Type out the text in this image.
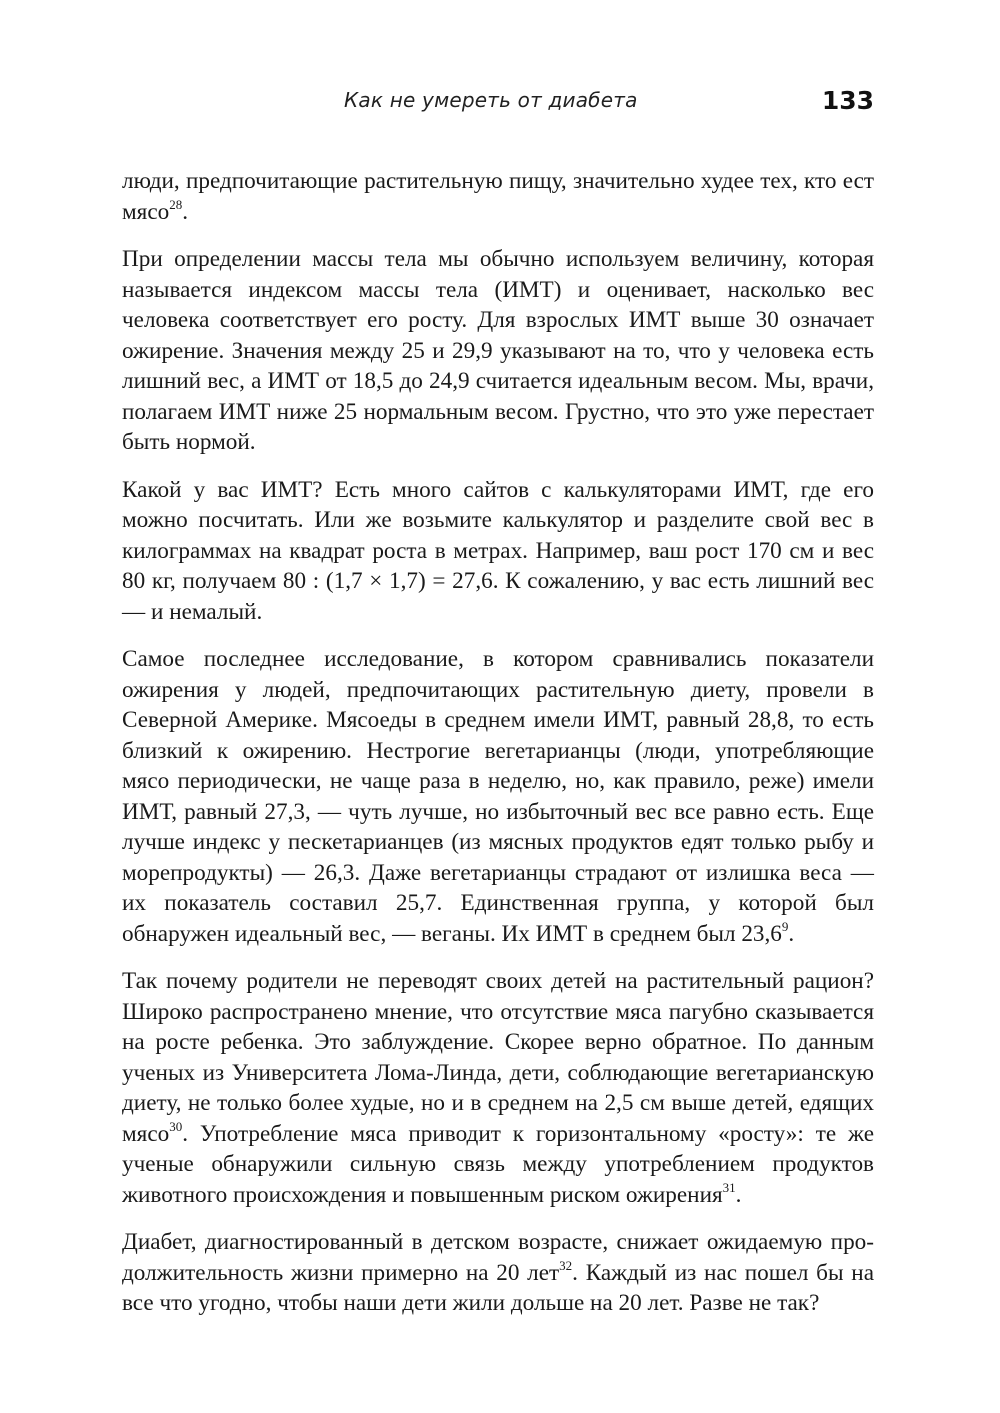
Как не умереть от диабета	133

люди, предпочитающие растительную пищу, значительно худее тех, кто ест мясо$^{28}$.

При определении массы тела мы обычно используем величину, которая называется индексом массы тела (ИМТ) и оценивает, насколько вес человека соответствует его росту. Для взрослых ИМТ выше 30 означает ожирение. Значения между 25 и 29,9 указывают на то, что у человека есть лишний вес, а ИМТ от 18,5 до 24,9 считается идеальным весом. Мы, врачи, полагаем ИМТ ниже 25 нормальным весом. Грустно, что это уже перестает быть нормой.

Какой у вас ИМТ? Есть много сайтов с калькуляторами ИМТ, где его можно посчитать. Или же возьмите калькулятор и разделите свой вес в килограммах на квадрат роста в метрах. Например, ваш рост 170 см и вес 80 кг, получаем 80 : (1,7 × 1,7) = 27,6. К сожалению, у вас есть лишний вес — и немалый.

Самое последнее исследование, в котором сравнивались показатели ожирения у людей, предпочитающих растительную диету, провели в Северной Америке. Мясоеды в среднем имели ИМТ, равный 28,8, то есть близкий к ожирению. Нестрогие вегетарианцы (люди, употребляющие мясо периодически, не чаще раза в неделю, но, как правило, реже) имели ИМТ, равный 27,3, — чуть лучше, но избыточный вес все равно есть. Еще лучше индекс у пескетарианцев (из мясных продуктов едят только рыбу и морепродукты) — 26,3. Даже вегетарианцы страдают от излишка веса — их показатель составил 25,7. Единственная группа, у которой был обнаружен идеальный вес, — веганы. Их ИМТ в среднем был 23,6$^9$.

Так почему родители не переводят своих детей на растительный рацион? Широко распространено мнение, что отсутствие мяса пагубно сказывается на росте ребенка. Это заблуждение. Скорее верно обратное. По данным ученых из Университета Лома-Линда, дети, соблюдающие вегетарианскую диету, не только более худые, но и в среднем на 2,5 см выше детей, едящих мясо$^{30}$. Употребление мяса приводит к горизонтальному «росту»: те же ученые обнаружили сильную связь между употреблением продуктов животного происхождения и повышенным риском ожирения$^{31}$.

Диабет, диагностированный в детском возрасте, снижает ожидаемую продолжительность жизни примерно на 20 лет$^{32}$. Каждый из нас пошел бы на все что угодно, чтобы наши дети жили дольше на 20 лет. Разве не так?
